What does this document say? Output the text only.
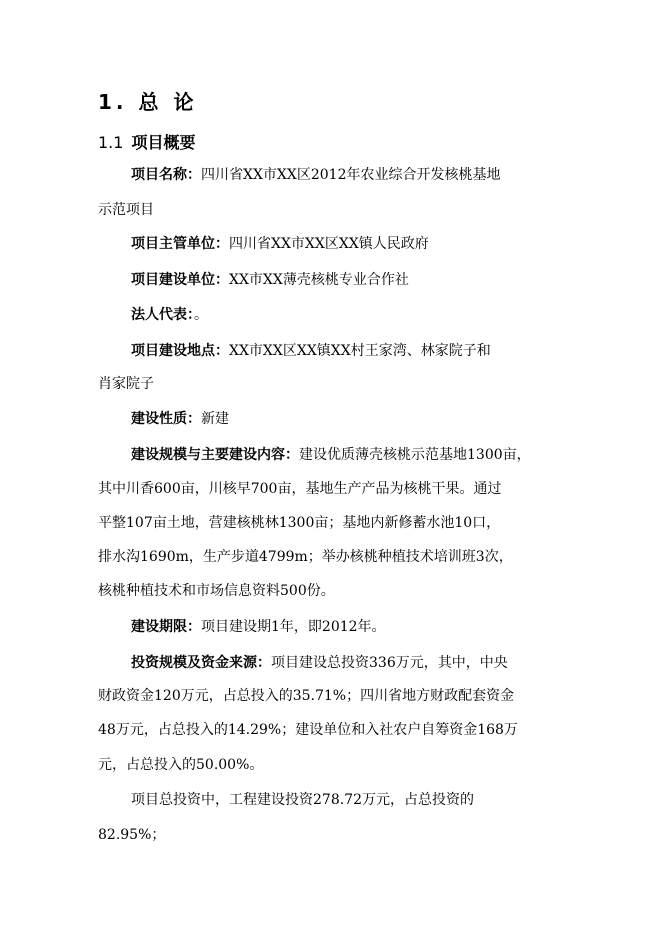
1. 总 论
1.1 项目概要
项目名称：四川省XX市XX区2012年农业综合开发核桃基地
示范项目
项目主管单位：四川省XX市XX区XX镇人民政府
项目建设单位：XX市XX薄壳核桃专业合作社
法人代表：。
项目建设地点：XX市XX区XX镇XX村王家湾、林家院子和
肖家院子
建设性质：新建
建设规模与主要建设内容：建设优质薄壳核桃示范基地1300亩，
其中川香600亩，川核早700亩，基地生产产品为核桃干果。通过
平整107亩土地，营建核桃林1300亩；基地内新修蓄水池10口，
排水沟1690m，生产步道4799m；举办核桃种植技术培训班3次，
核桃种植技术和市场信息资料500份。
建设期限：项目建设期1年，即2012年。
投资规模及资金来源：项目建设总投资336万元，其中，中央
财政资金120万元，占总投入的35.71%；四川省地方财政配套资金
48万元，占总投入的14.29%；建设单位和入社农户自筹资金168万
元，占总投入的50.00%。
项目总投资中，工程建设投资278.72万元，占总投资的
82.95%；
